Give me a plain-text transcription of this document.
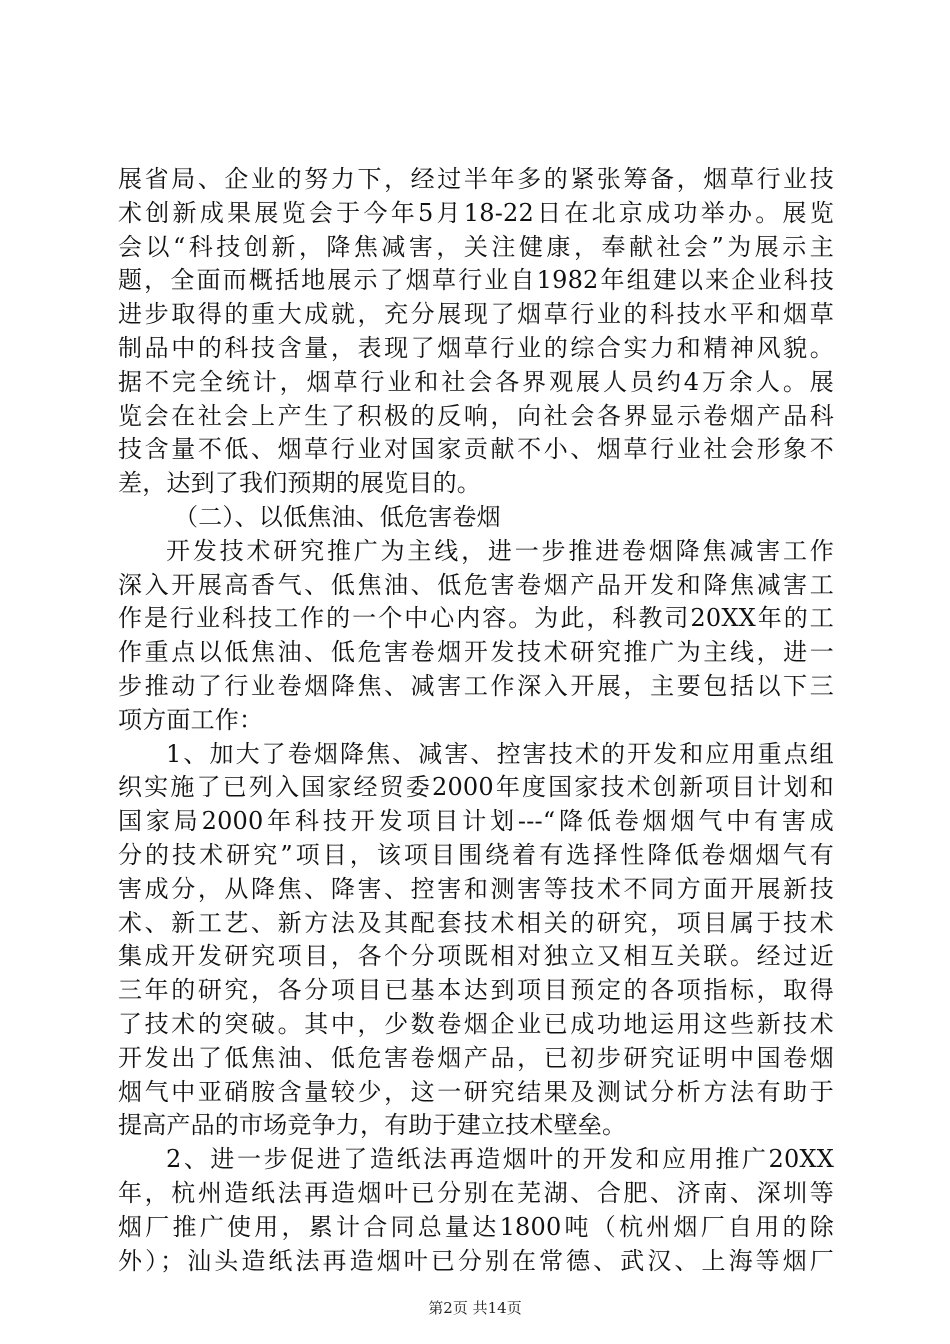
展省局、企业的努力下，经过半年多的紧张筹备，烟草行业技
术创新成果展览会于今年5月18-22日在北京成功举办。展览
会以“科技创新，降焦减害，关注健康，奉献社会”为展示主
题，全面而概括地展示了烟草行业自1982年组建以来企业科技
进步取得的重大成就，充分展现了烟草行业的科技水平和烟草
制品中的科技含量，表现了烟草行业的综合实力和精神风貌。
据不完全统计，烟草行业和社会各界观展人员约4万余人。展
览会在社会上产生了积极的反响，向社会各界显示卷烟产品科
技含量不低、烟草行业对国家贡献不小、烟草行业社会形象不
差，达到了我们预期的展览目的。
（二）、以低焦油、低危害卷烟
开发技术研究推广为主线，进一步推进卷烟降焦减害工作
深入开展高香气、低焦油、低危害卷烟产品开发和降焦减害工
作是行业科技工作的一个中心内容。为此，科教司20XX年的工
作重点以低焦油、低危害卷烟开发技术研究推广为主线，进一
步推动了行业卷烟降焦、减害工作深入开展，主要包括以下三
项方面工作：
1、加大了卷烟降焦、减害、控害技术的开发和应用重点组
织实施了已列入国家经贸委2000年度国家技术创新项目计划和
国家局2000年科技开发项目计划---“降低卷烟烟气中有害成
分的技术研究”项目，该项目围绕着有选择性降低卷烟烟气有
害成分，从降焦、降害、控害和测害等技术不同方面开展新技
术、新工艺、新方法及其配套技术相关的研究，项目属于技术
集成开发研究项目，各个分项既相对独立又相互关联。经过近
三年的研究，各分项目已基本达到项目预定的各项指标，取得
了技术的突破。其中，少数卷烟企业已成功地运用这些新技术
开发出了低焦油、低危害卷烟产品，已初步研究证明中国卷烟
烟气中亚硝胺含量较少，这一研究结果及测试分析方法有助于
提高产品的市场竞争力，有助于建立技术壁垒。
2、进一步促进了造纸法再造烟叶的开发和应用推广20XX
年，杭州造纸法再造烟叶已分别在芜湖、合肥、济南、深圳等
烟厂推广使用，累计合同总量达1800吨（杭州烟厂自用的除
外）；汕头造纸法再造烟叶已分别在常德、武汉、上海等烟厂
第2页 共14页
